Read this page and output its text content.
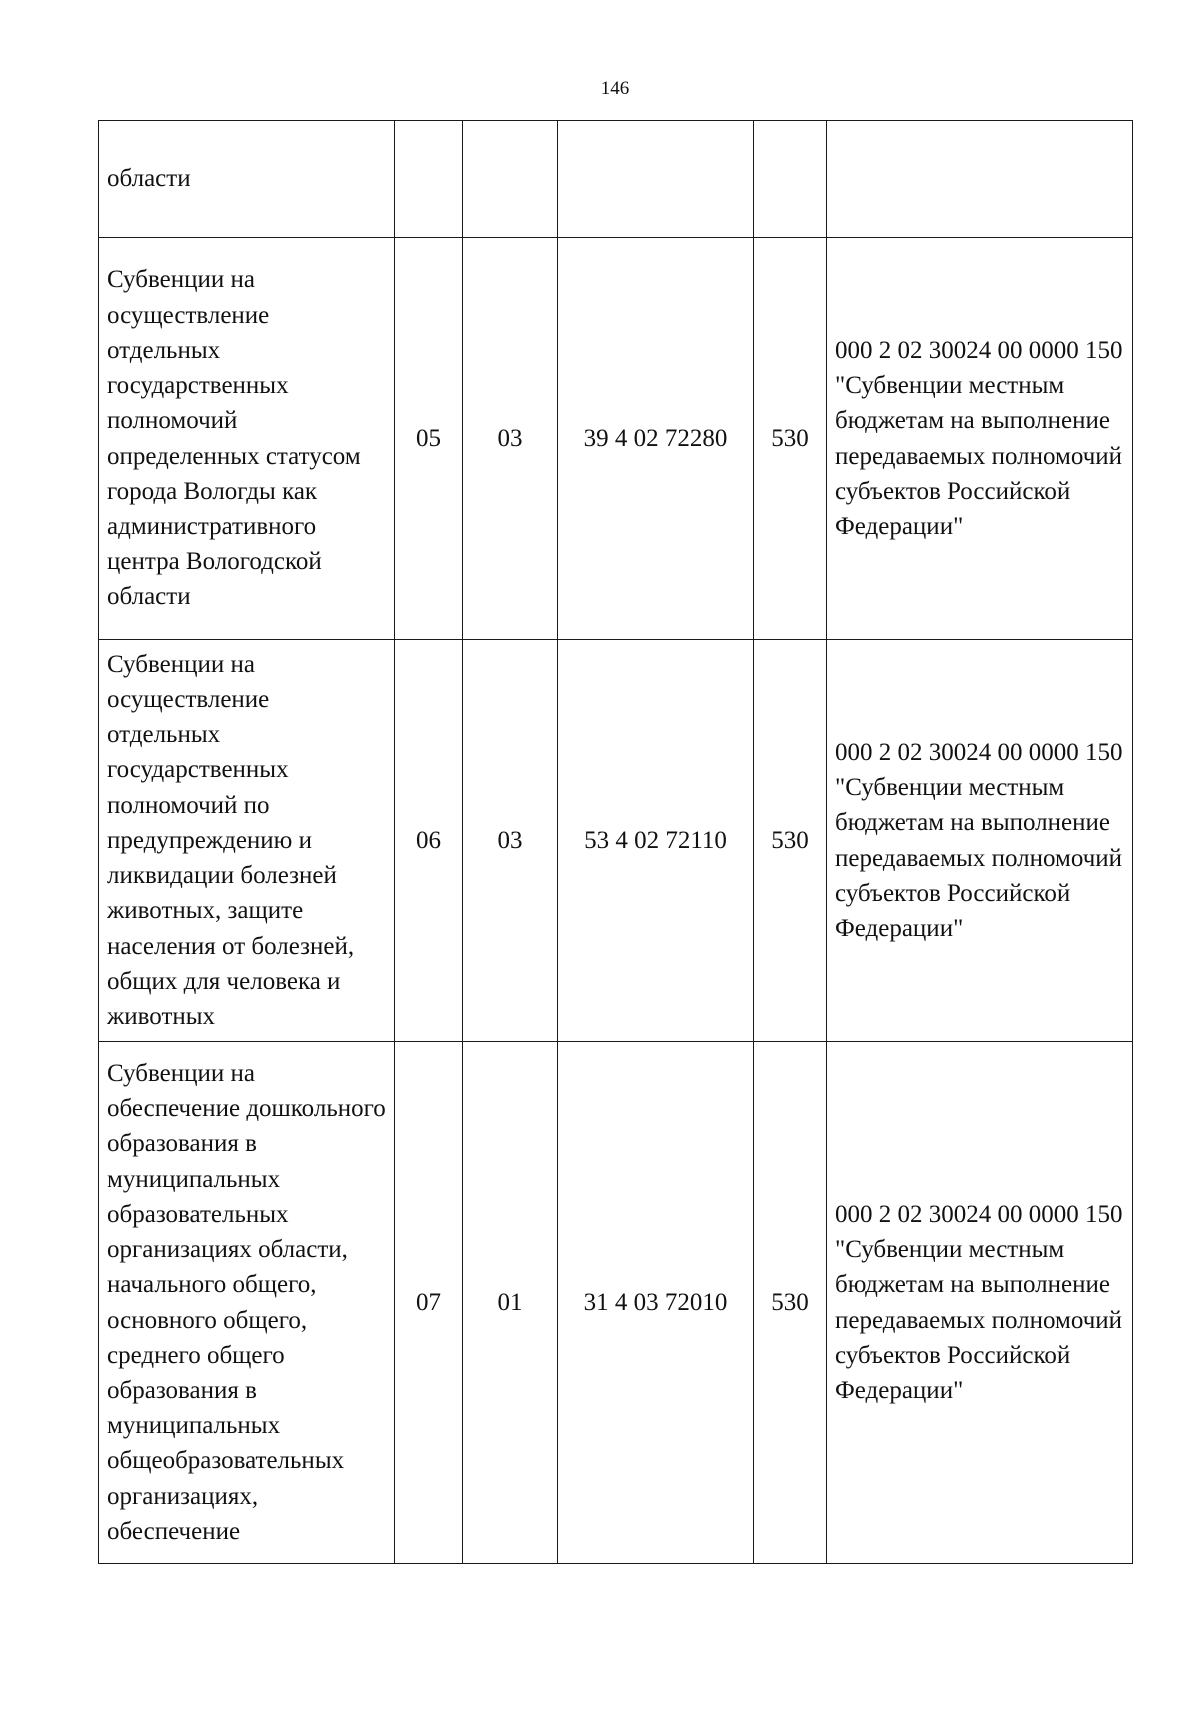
146
области					

Субвенции на осуществление отдельных государственных полномочий определенных статусом города Вологды как административного центра Вологодской области	05	03	39 4 02 72280	530	000 2 02 30024 00 0000 150 "Субвенции местным бюджетам на выполнение передаваемых полномочий субъектов Российской Федерации"

Субвенции на осуществление отдельных государственных полномочий по предупреждению и ликвидации болезней животных, защите населения от болезней, общих для человека и животных	06	03	53 4 02 72110	530	000 2 02 30024 00 0000 150 "Субвенции местным бюджетам на выполнение передаваемых полномочий субъектов Российской Федерации"

Субвенции на обеспечение дошкольного образования в муниципальных образовательных организациях области, начального общего, основного общего, среднего общего образования в муниципальных общеобразовательных организациях, обеспечение	07	01	31 4 03 72010	530	000 2 02 30024 00 0000 150 "Субвенции местным бюджетам на выполнение передаваемых полномочий субъектов Российской Федерации"
